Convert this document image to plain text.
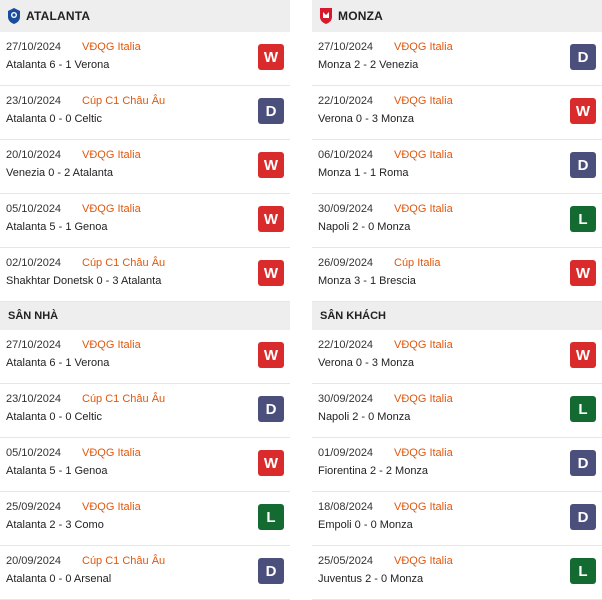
ATALANTA
27/10/2024 VĐQG Italia
Atalanta 6 - 1 Verona	W
23/10/2024 Cúp C1 Châu Âu
Atalanta 0 - 0 Celtic	D
20/10/2024 VĐQG Italia
Venezia 0 - 2 Atalanta	W
05/10/2024 VĐQG Italia
Atalanta 5 - 1 Genoa	W
02/10/2024 Cúp C1 Châu Âu
Shakhtar Donetsk 0 - 3 Atalanta	W
SÂN NHÀ
27/10/2024 VĐQG Italia
Atalanta 6 - 1 Verona	W
23/10/2024 Cúp C1 Châu Âu
Atalanta 0 - 0 Celtic	D
05/10/2024 VĐQG Italia
Atalanta 5 - 1 Genoa	W
25/09/2024 VĐQG Italia
Atalanta 2 - 3 Como	L
20/09/2024 Cúp C1 Châu Âu
Atalanta 0 - 0 Arsenal	D
MONZA
27/10/2024 VĐQG Italia
Monza 2 - 2 Venezia	D
22/10/2024 VĐQG Italia
Verona 0 - 3 Monza	W
06/10/2024 VĐQG Italia
Monza 1 - 1 Roma	D
30/09/2024 VĐQG Italia
Napoli 2 - 0 Monza	L
26/09/2024 Cúp Italia
Monza 3 - 1 Brescia	W
SÂN KHÁCH
22/10/2024 VĐQG Italia
Verona 0 - 3 Monza	W
30/09/2024 VĐQG Italia
Napoli 2 - 0 Monza	L
01/09/2024 VĐQG Italia
Fiorentina 2 - 2 Monza	D
18/08/2024 VĐQG Italia
Empoli 0 - 0 Monza	D
25/05/2024 VĐQG Italia
Juventus 2 - 0 Monza	L
